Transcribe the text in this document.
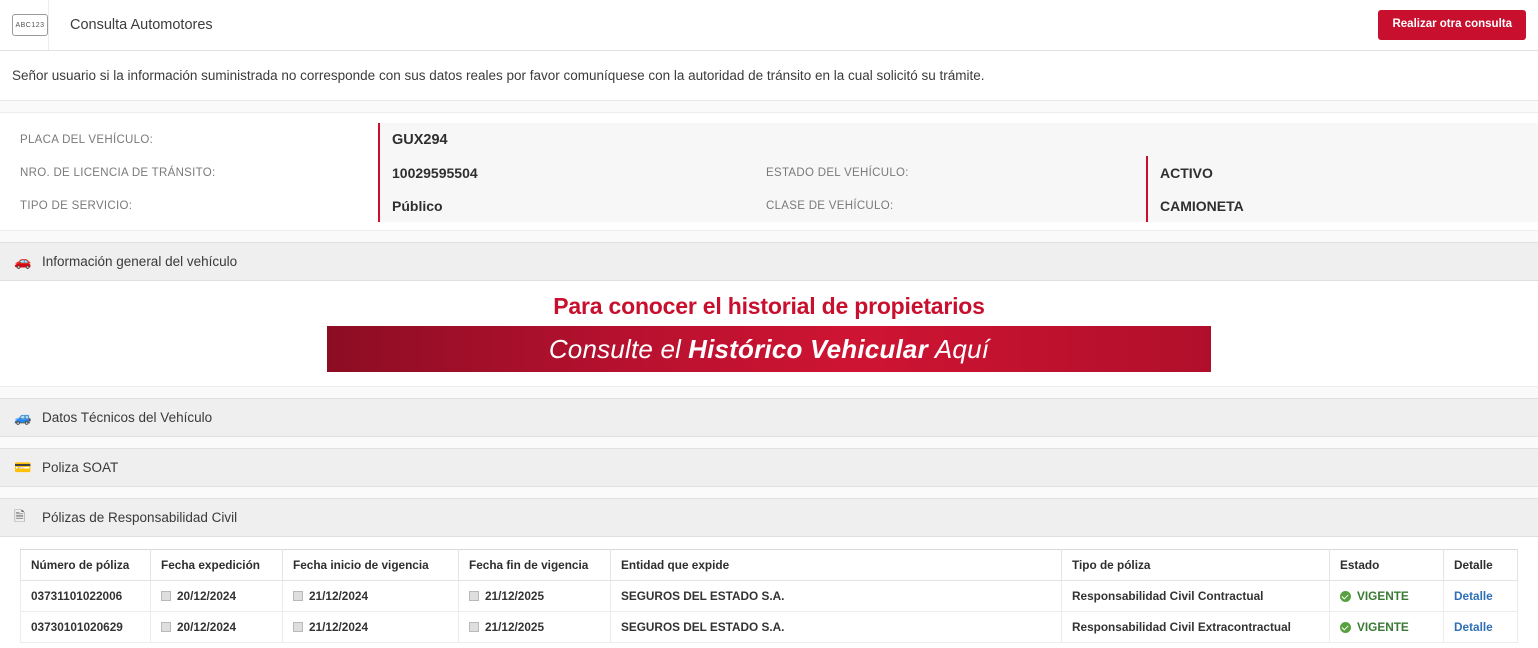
ABC123 Consulta Automotores	Realizar otra consulta
Señor usuario si la información suministrada no corresponde con sus datos reales por favor comuníquese con la autoridad de tránsito en la cual solicitó su trámite.
PLACA DEL VEHÍCULO:	GUX294
NRO. DE LICENCIA DE TRÁNSITO:	10029595504	ESTADO DEL VEHÍCULO:	ACTIVO
TIPO DE SERVICIO:	Público	CLASE DE VEHÍCULO:	CAMIONETA
🚗 Información general del vehículo
Para conocer el historial de propietarios
Consulte el Histórico Vehicular Aquí
🚙 Datos Técnicos del Vehículo
💳 Poliza SOAT
🗎	Pólizas de Responsabilidad Civil
Número de póliza	Fecha expedición	Fecha inicio de vigencia	Fecha fin de vigencia	Entidad que expide	Tipo de póliza	Estado	Detalle
03731101022006	20/12/2024	21/12/2024	21/12/2025	SEGUROS DEL ESTADO S.A.	Responsabilidad Civil Contractual	VIGENTE	Detalle
03730101020629	20/12/2024	21/12/2024	21/12/2025	SEGUROS DEL ESTADO S.A.	Responsabilidad Civil Extracontractual	VIGENTE	Detalle
